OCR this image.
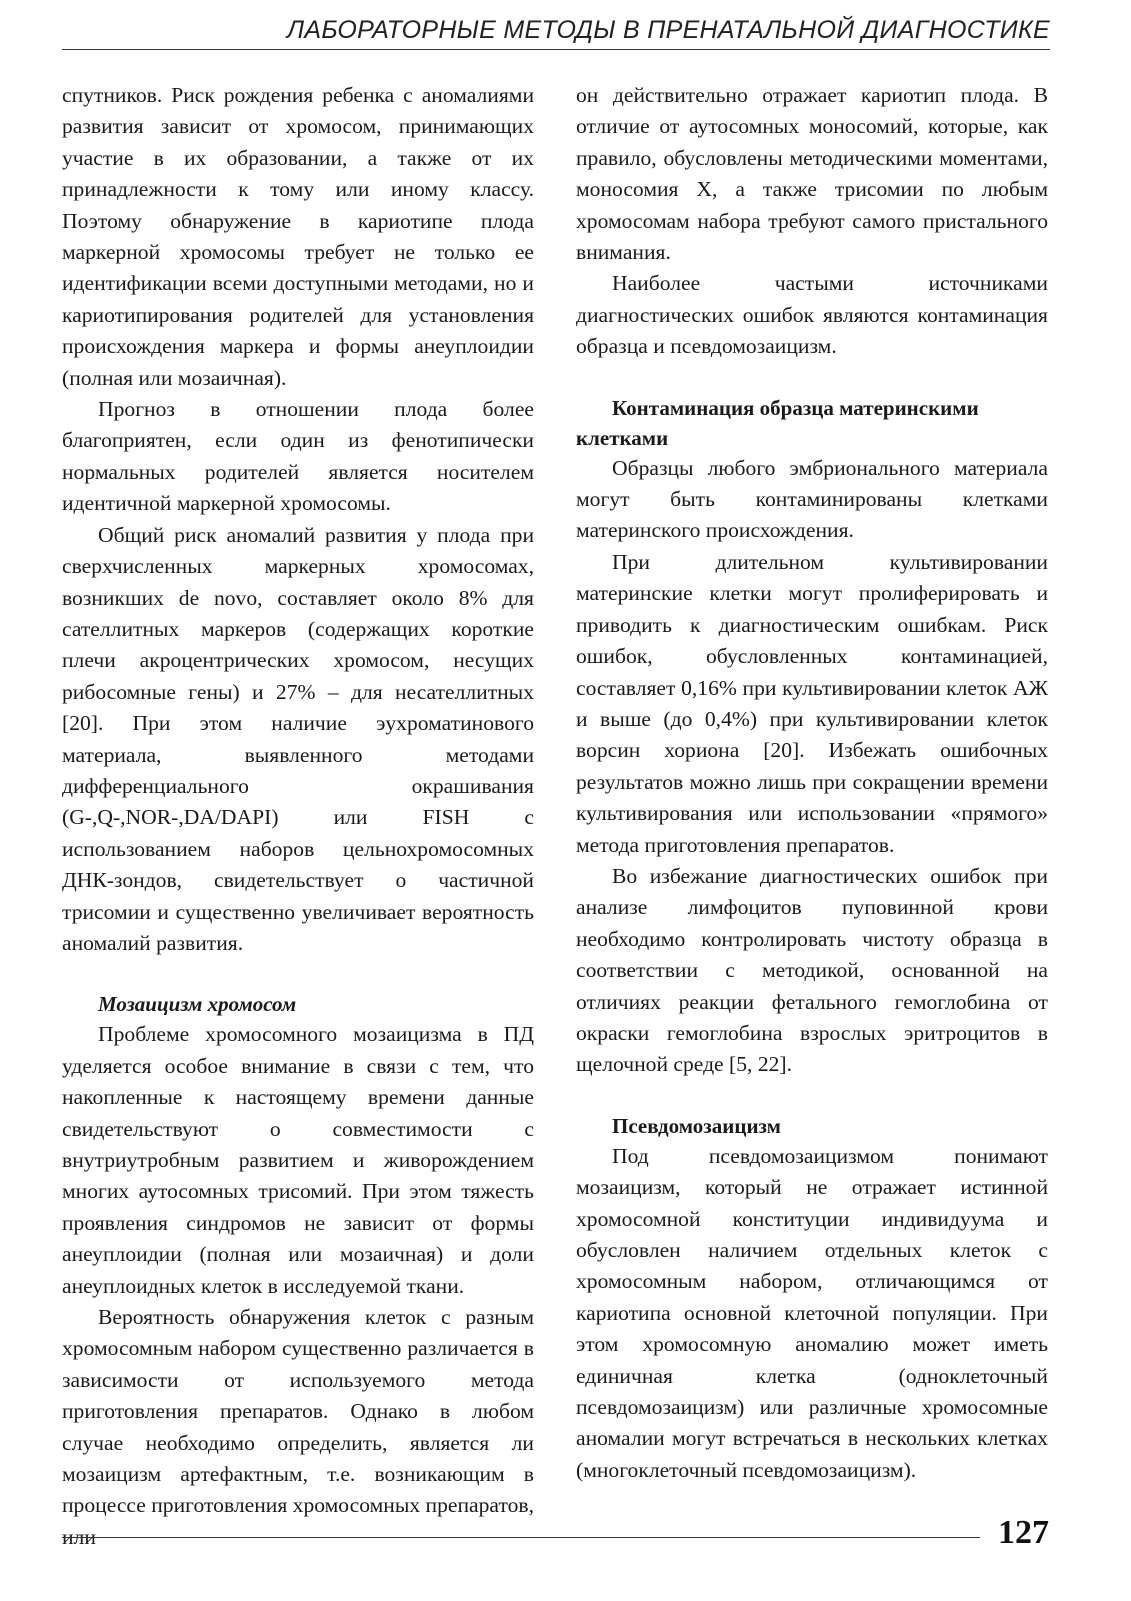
ЛАБОРАТОРНЫЕ МЕТОДЫ В ПРЕНАТАЛЬНОЙ ДИАГНОСТИКЕ

спутников. Риск рождения ребенка с аномалиями развития зависит от хромосом, принимающих участие в их образовании, а также от их принадлежности к тому или иному классу. Поэтому обнаружение в кариотипе плода маркерной хромосомы требует не только ее идентификации всеми доступными методами, но и кариотипирования родителей для установления происхождения маркера и формы анеуплоидии (полная или мозаичная).

Прогноз в отношении плода более благоприятен, если один из фенотипически нормальных родителей является носителем идентичной маркерной хромосомы.

Общий риск аномалий развития у плода при сверхчисленных маркерных хромосомах, возникших de novo, составляет около 8% для сателлитных маркеров (содержащих короткие плечи акроцентрических хромосом, несущих рибосомные гены) и 27% – для несателлитных [20]. При этом наличие эухроматинового материала, выявленного методами дифференциального окрашивания (G-,Q-,NOR-,DA/DAPI) или FISH с использованием наборов цельнохромосомных ДНК-зондов, свидетельствует о частичной трисомии и существенно увеличивает вероятность аномалий развития.

Мозаицизм хромосом

Проблеме хромосомного мозаицизма в ПД уделяется особое внимание в связи с тем, что накопленные к настоящему времени данные свидетельствуют о совместимости с внутриутробным развитием и живорождением многих аутосомных трисомий. При этом тяжесть проявления синдромов не зависит от формы анеуплоидии (полная или мозаичная) и доли анеуплоидных клеток в исследуемой ткани.

Вероятность обнаружения клеток с разным хромосомным набором существенно различается в зависимости от используемого метода приготовления препаратов. Однако в любом случае необходимо определить, является ли мозаицизм артефактным, т.е. возникающим в процессе приготовления хромосомных препаратов, или

он действительно отражает кариотип плода. В отличие от аутосомных моносомий, которые, как правило, обусловлены методическими моментами, моносомия X, а также трисомии по любым хромосомам набора требуют самого пристального внимания.

Наиболее частыми источниками диагностических ошибок являются контаминация образца и псевдомозаицизм.

Контаминация образца материнскими клетками

Образцы любого эмбрионального материала могут быть контаминированы клетками материнского происхождения.

При длительном культивировании материнские клетки могут пролиферировать и приводить к диагностическим ошибкам. Риск ошибок, обусловленных контаминацией, составляет 0,16% при культивировании клеток АЖ и выше (до 0,4%) при культивировании клеток ворсин хориона [20]. Избежать ошибочных результатов можно лишь при сокращении времени культивирования или использовании «прямого» метода приготовления препаратов.

Во избежание диагностических ошибок при анализе лимфоцитов пуповинной крови необходимо контролировать чистоту образца в соответствии с методикой, основанной на отличиях реакции фетального гемоглобина от окраски гемоглобина взрослых эритроцитов в щелочной среде [5, 22].

Псевдомозаицизм

Под псевдомозаицизмом понимают мозаицизм, который не отражает истинной хромосомной конституции индивидуума и обусловлен наличием отдельных клеток с хромосомным набором, отличающимся от кариотипа основной клеточной популяции. При этом хромосомную аномалию может иметь единичная клетка (одноклеточный псевдомозаицизм) или различные хромосомные аномалии могут встречаться в нескольких клетках (многоклеточный псевдомозаицизм).

127
